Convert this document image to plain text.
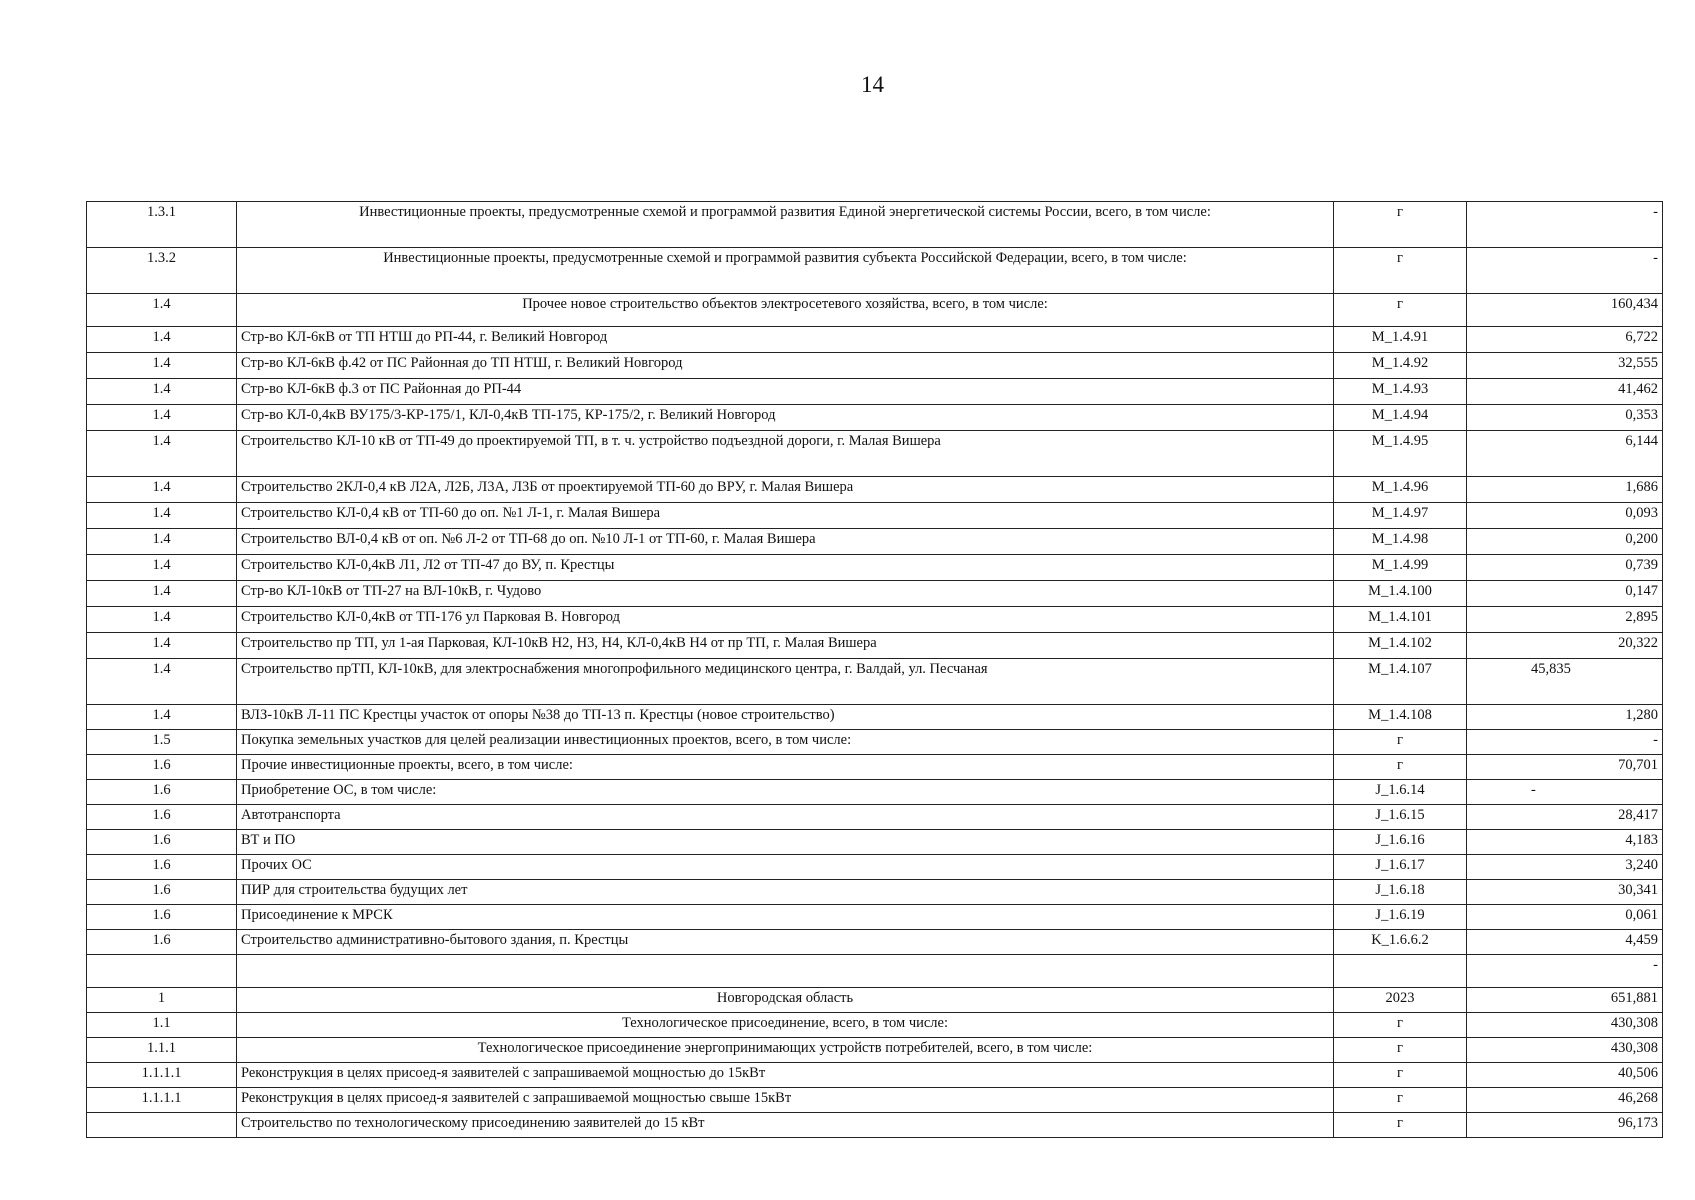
14
1.3.1	Инвестиционные проекты, предусмотренные схемой и программой развития Единой энергетической системы России, всего, в том числе:	г	-
1.3.2	Инвестиционные проекты, предусмотренные схемой и программой развития субъекта Российской Федерации, всего, в том числе:	г	-
1.4	Прочее новое строительство объектов электросетевого хозяйства, всего, в том числе:	г	160,434
1.4	Стр-во КЛ-6кВ от ТП НТШ до РП-44, г. Великий Новгород	М_1.4.91	6,722
1.4	Стр-во КЛ-6кВ ф.42 от ПС Районная до ТП НТШ, г. Великий Новгород	М_1.4.92	32,555
1.4	Стр-во КЛ-6кВ ф.3 от ПС Районная до РП-44	М_1.4.93	41,462
1.4	Стр-во КЛ-0,4кВ ВУ175/3-КР-175/1, КЛ-0,4кВ ТП-175, КР-175/2, г. Великий Новгород	М_1.4.94	0,353
1.4	Строительство КЛ-10 кВ от ТП-49 до проектируемой ТП, в т. ч. устройство подъездной дороги, г. Малая Вишера	М_1.4.95	6,144
1.4	Строительство 2КЛ-0,4 кВ Л2А, Л2Б, Л3А, Л3Б от проектируемой ТП-60 до ВРУ, г. Малая Вишера	М_1.4.96	1,686
1.4	Строительство КЛ-0,4 кВ от ТП-60 до оп. №1 Л-1, г. Малая Вишера	М_1.4.97	0,093
1.4	Строительство ВЛ-0,4 кВ от оп. №6 Л-2 от ТП-68 до оп. №10 Л-1 от ТП-60, г. Малая Вишера	М_1.4.98	0,200
1.4	Строительство КЛ-0,4кВ Л1, Л2 от ТП-47 до ВУ, п. Крестцы	М_1.4.99	0,739
1.4	Стр-во КЛ-10кВ от ТП-27 на ВЛ-10кВ, г. Чудово	М_1.4.100	0,147
1.4	Строительство КЛ-0,4кВ от ТП-176 ул Парковая В. Новгород	М_1.4.101	2,895
1.4	Строительство пр ТП, ул 1-ая Парковая, КЛ-10кВ Н2, Н3, Н4, КЛ-0,4кВ Н4 от пр ТП, г. Малая Вишера	М_1.4.102	20,322
1.4	Строительство прТП, КЛ-10кВ, для электроснабжения многопрофильного медицинского центра, г. Валдай, ул. Песчаная	М_1.4.107	45,835
1.4	ВЛЗ-10кВ Л-11 ПС Крестцы участок от опоры №38 до ТП-13 п. Крестцы (новое строительство)	М_1.4.108	1,280
1.5	Покупка земельных участков для целей реализации инвестиционных проектов, всего, в том числе:	г	-
1.6	Прочие инвестиционные проекты, всего, в том числе:	г	70,701
1.6	Приобретение ОС, в том числе:	J_1.6.14	-
1.6	Автотранспорта	J_1.6.15	28,417
1.6	ВТ и ПО	J_1.6.16	4,183
1.6	Прочих ОС	J_1.6.17	3,240
1.6	ПИР для строительства будущих лет	J_1.6.18	30,341
1.6	Присоединение к МРСК	J_1.6.19	0,061
1.6	Строительство административно-бытового здания, п. Крестцы	K_1.6.6.2	4,459
			-
1	Новгородская область	2023	651,881
1.1	Технологическое присоединение, всего, в том числе:	г	430,308
1.1.1	Технологическое присоединение энергопринимающих устройств потребителей, всего, в том числе:	г	430,308
1.1.1.1	Реконструкция в целях присоед-я заявителей с запрашиваемой мощностью до 15кВт	г	40,506
1.1.1.1	Реконструкция в целях присоед-я заявителей с запрашиваемой мощностью свыше 15кВт	г	46,268
	Строительство по технологическому присоединению заявителей до 15 кВт	г	96,173
